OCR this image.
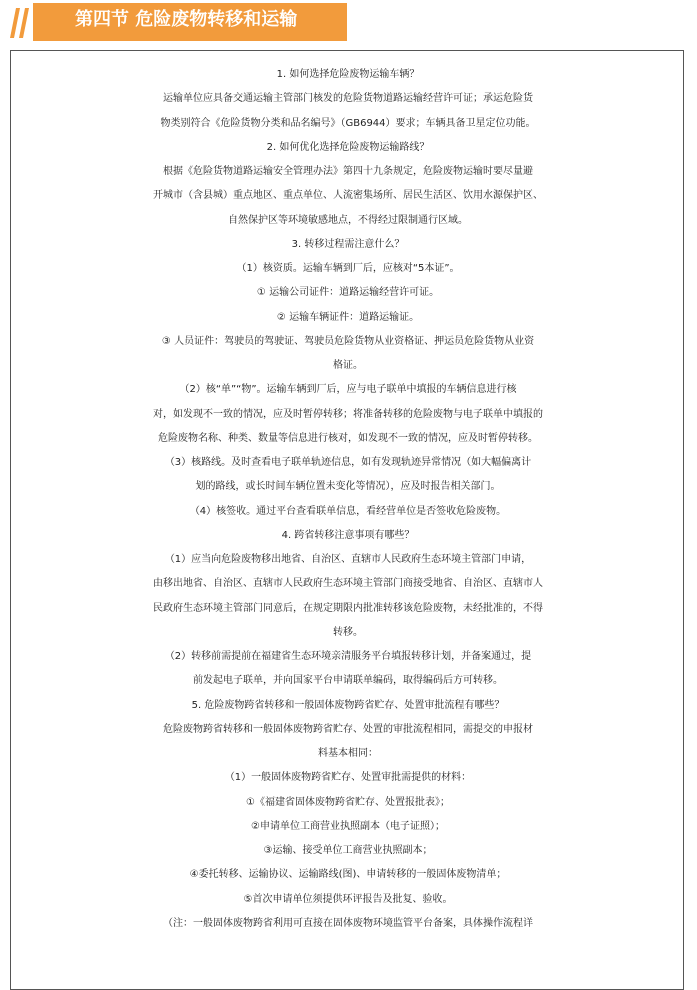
第四节 危险废物转移和运输
1. 如何选择危险废物运输车辆？
运输单位应具备交通运输主管部门核发的危险货物道路运输经营许可证；承运危险货
物类别符合《危险货物分类和品名编号》（GB6944）要求；车辆具备卫星定位功能。
2. 如何优化选择危险废物运输路线？
根据《危险货物道路运输安全管理办法》第四十九条规定，危险废物运输时要尽量避
开城市（含县城）重点地区、重点单位、人流密集场所、居民生活区、饮用水源保护区、
自然保护区等环境敏感地点，不得经过限制通行区域。
3. 转移过程需注意什么？
（1）核资质。运输车辆到厂后，应核对“5本证”。
① 运输公司证件：道路运输经营许可证。
② 运输车辆证件：道路运输证。
③ 人员证件：驾驶员的驾驶证、驾驶员危险货物从业资格证、押运员危险货物从业资
格证。
（2）核“单”“物”。运输车辆到厂后，应与电子联单中填报的车辆信息进行核
对，如发现不一致的情况，应及时暂停转移；将准备转移的危险废物与电子联单中填报的
危险废物名称、种类、数量等信息进行核对，如发现不一致的情况，应及时暂停转移。
（3）核路线。及时查看电子联单轨迹信息，如有发现轨迹异常情况（如大幅偏离计
划的路线，或长时间车辆位置未变化等情况），应及时报告相关部门。
（4）核签收。通过平台查看联单信息，看经营单位是否签收危险废物。
4. 跨省转移注意事项有哪些？
（1）应当向危险废物移出地省、自治区、直辖市人民政府生态环境主管部门申请，
由移出地省、自治区、直辖市人民政府生态环境主管部门商接受地省、自治区、直辖市人
民政府生态环境主管部门同意后，在规定期限内批准转移该危险废物，未经批准的，不得
转移。
（2）转移前需提前在福建省生态环境亲清服务平台填报转移计划，并备案通过，提
前发起电子联单，并向国家平台申请联单编码，取得编码后方可转移。
5. 危险废物跨省转移和一般固体废物跨省贮存、处置审批流程有哪些？
危险废物跨省转移和一般固体废物跨省贮存、处置的审批流程相同，需提交的申报材
料基本相同：
（1）一般固体废物跨省贮存、处置审批需提供的材料：
①《福建省固体废物跨省贮存、处置报批表》；
②申请单位工商营业执照副本（电子证照）；
③运输、接受单位工商营业执照副本；
④委托转移、运输协议、运输路线(图)、申请转移的一般固体废物清单；
⑤首次申请单位须提供环评报告及批复、验收。
（注：一般固体废物跨省利用可直接在固体废物环境监管平台备案，具体操作流程详
